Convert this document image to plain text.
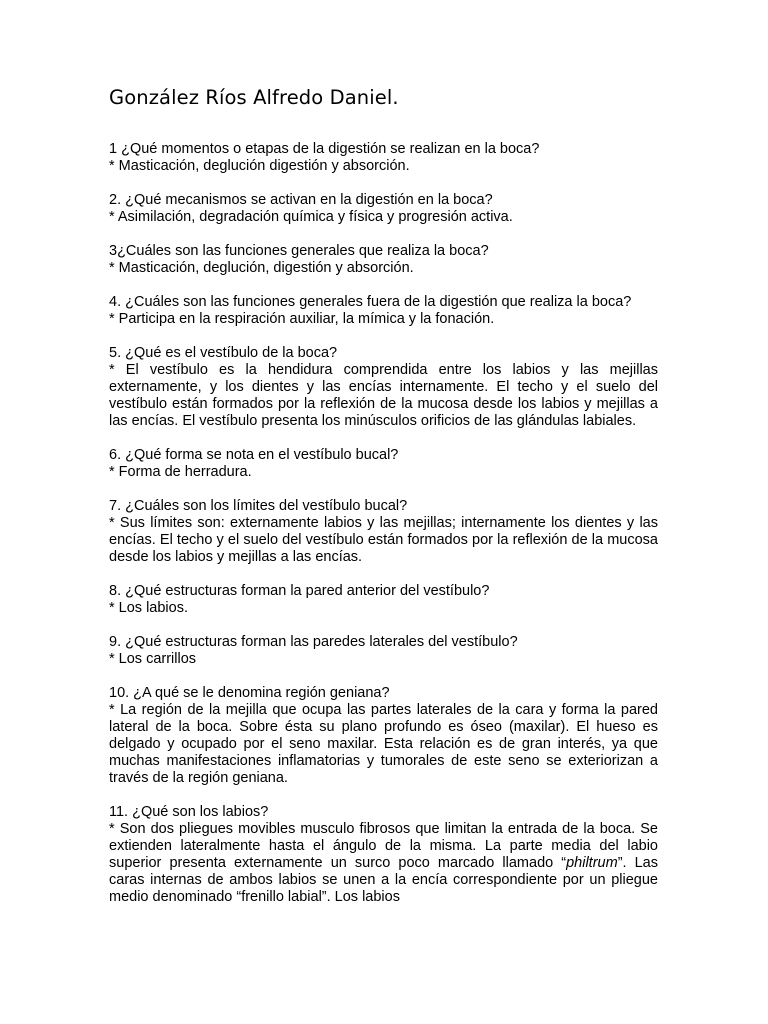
González Ríos Alfredo Daniel.

1 ¿Qué momentos o etapas de la digestión se realizan en la boca?

* Masticación, deglución digestión y absorción.

2. ¿Qué mecanismos se activan en la digestión en la boca?

* Asimilación, degradación química y física y progresión activa.

3¿Cuáles son las funciones generales que realiza la boca?

* Masticación, deglución, digestión y absorción.

4. ¿Cuáles son las funciones generales fuera de la digestión que realiza la boca?

* Participa en la respiración auxiliar, la mímica y la fonación.

5. ¿Qué es el vestíbulo de la boca?

* El vestíbulo es la hendidura comprendida entre los labios y las mejillas externamente, y los dientes y las encías internamente. El techo y el suelo del vestíbulo están formados por la reflexión de la mucosa desde los labios y mejillas a las encías. El vestíbulo presenta los minúsculos orificios de las glándulas labiales.

6. ¿Qué forma se nota en el vestíbulo bucal?

* Forma de herradura.

7. ¿Cuáles son los límites del vestíbulo bucal?

* Sus límites son: externamente labios y las mejillas; internamente los dientes y las encías. El techo y el suelo del vestíbulo están formados por la reflexión de la mucosa desde los labios y mejillas a las encías.

8. ¿Qué estructuras forman la pared anterior del vestíbulo?

* Los labios.

9. ¿Qué estructuras forman las paredes laterales del vestíbulo?

* Los carrillos

10. ¿A qué se le denomina región geniana?

* La región de la mejilla que ocupa las partes laterales de la cara y forma la pared lateral de la boca. Sobre ésta su plano profundo es óseo (maxilar). El hueso es delgado y ocupado por el seno maxilar. Esta relación es de gran interés, ya que muchas manifestaciones inflamatorias y tumorales de este seno se exteriorizan a través de la región geniana.

11. ¿Qué son los labios?

* Son dos pliegues movibles musculo fibrosos que limitan la entrada de la boca. Se extienden lateralmente hasta el ángulo de la misma. La parte media del labio superior presenta externamente un surco poco marcado llamado “philtrum”. Las caras internas de ambos labios se unen a la encía correspondiente por un pliegue medio denominado “frenillo labial”. Los labios
